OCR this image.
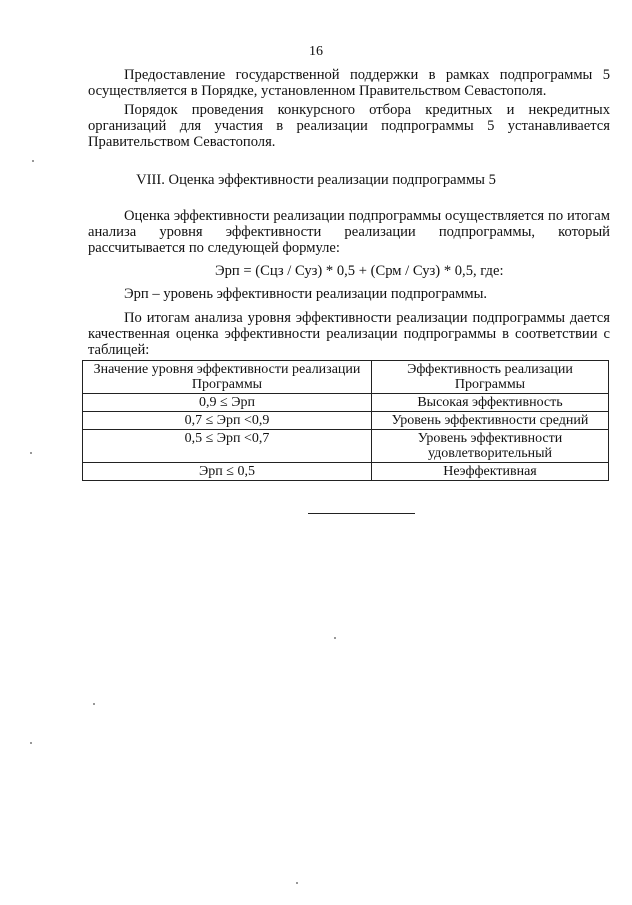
16

Предоставление государственной поддержки в рамках подпрограммы 5 осуществляется в Порядке, установленном Правительством Севастополя.

Порядок проведения конкурсного отбора кредитных и некредитных организаций для участия в реализации подпрограммы 5 устанавливается Правительством Севастополя.

VIII. Оценка эффективности реализации подпрограммы 5

Оценка эффективности реализации подпрограммы осуществляется по итогам анализа уровня эффективности реализации подпрограммы, который рассчитывается по следующей формуле:

Эрп = (Сцз / Суз) * 0,5 + (Срм / Суз) * 0,5, где:
Эрп – уровень эффективности реализации подпрограммы.

По итогам анализа уровня эффективности реализации подпрограммы дается качественная оценка эффективности реализации подпрограммы в соответствии с таблицей:

Значение уровня эффективности реализации Программы	Эффективность реализации Программы
0,9 ≤ Эрп	Высокая эффективность
0,7 ≤ Эрп <0,9	Уровень эффективности средний
0,5 ≤ Эрп <0,7	Уровень эффективности удовлетворительный
Эрп ≤ 0,5	Неэффективная
